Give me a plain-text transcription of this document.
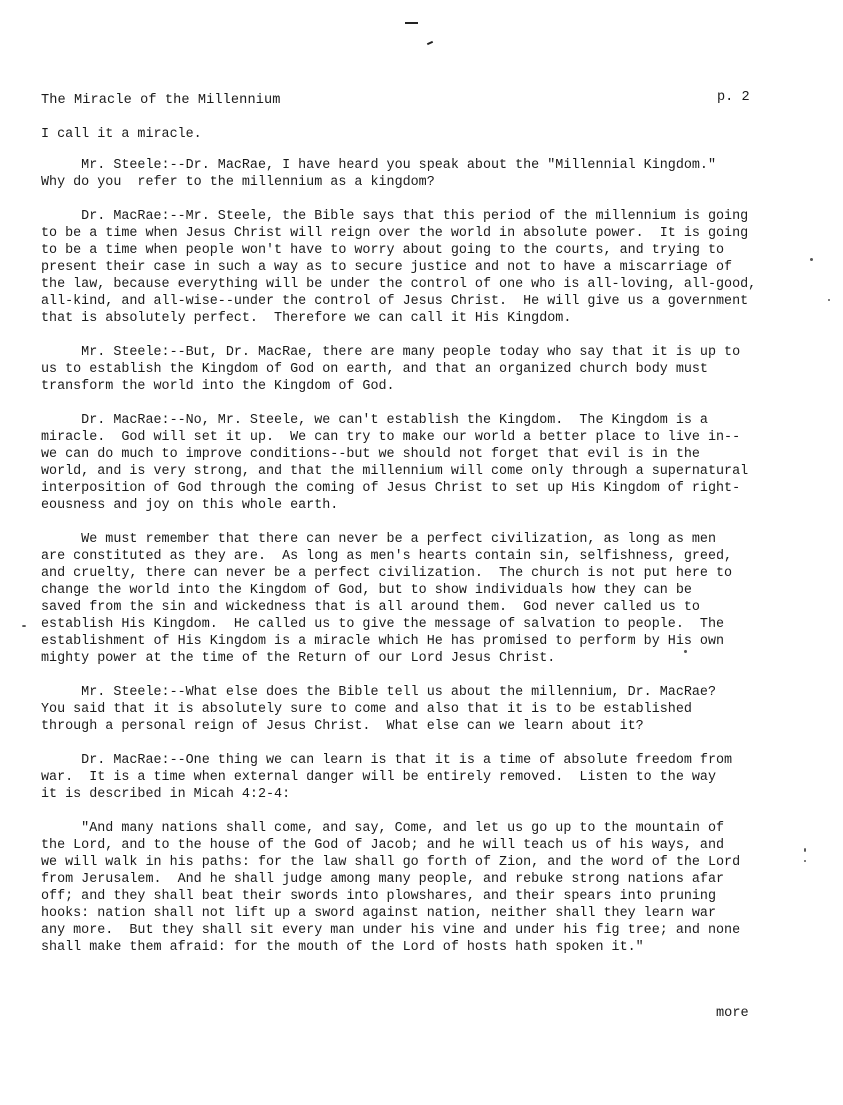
The Miracle of the Millennium	p. 2

I call it a miracle.

Mr. Steele:--Dr. MacRae, I have heard you speak about the "Millennial Kingdom."

Why do you  refer to the millennium as a kingdom?

Dr. MacRae:--Mr. Steele, the Bible says that this period of the millennium is going

to be a time when Jesus Christ will reign over the world in absolute power.  It is going

to be a time when people won't have to worry about going to the courts, and trying to

present their case in such a way as to secure justice and not to have a miscarriage of

the law, because everything will be under the control of one who is all-loving, all-good,

all-kind, and all-wise--under the control of Jesus Christ.  He will give us a government

that is absolutely perfect.  Therefore we can call it His Kingdom.

Mr. Steele:--But, Dr. MacRae, there are many people today who say that it is up to

us to establish the Kingdom of God on earth, and that an organized church body must

transform the world into the Kingdom of God.

Dr. MacRae:--No, Mr. Steele, we can't establish the Kingdom.  The Kingdom is a

miracle.  God will set it up.  We can try to make our world a better place to live in--

we can do much to improve conditions--but we should not forget that evil is in the

world, and is very strong, and that the millennium will come only through a supernatural

interposition of God through the coming of Jesus Christ to set up His Kingdom of right-

eousness and joy on this whole earth.

We must remember that there can never be a perfect civilization, as long as men

are constituted as they are.  As long as men's hearts contain sin, selfishness, greed,

and cruelty, there can never be a perfect civilization.  The church is not put here to

change the world into the Kingdom of God, but to show individuals how they can be

saved from the sin and wickedness that is all around them.  God never called us to

establish His Kingdom.  He called us to give the message of salvation to people.  The

establishment of His Kingdom is a miracle which He has promised to perform by His own

mighty power at the time of the Return of our Lord Jesus Christ.

Mr. Steele:--What else does the Bible tell us about the millennium, Dr. MacRae?

You said that it is absolutely sure to come and also that it is to be established

through a personal reign of Jesus Christ.  What else can we learn about it?

Dr. MacRae:--One thing we can learn is that it is a time of absolute freedom from

war.  It is a time when external danger will be entirely removed.  Listen to the way

it is described in Micah 4:2-4:

"And many nations shall come, and say, Come, and let us go up to the mountain of

the Lord, and to the house of the God of Jacob; and he will teach us of his ways, and

we will walk in his paths: for the law shall go forth of Zion, and the word of the Lord

from Jerusalem.  And he shall judge among many people, and rebuke strong nations afar

off; and they shall beat their swords into plowshares, and their spears into pruning

hooks: nation shall not lift up a sword against nation, neither shall they learn war

any more.  But they shall sit every man under his vine and under his fig tree; and none

shall make them afraid: for the mouth of the Lord of hosts hath spoken it."

more
